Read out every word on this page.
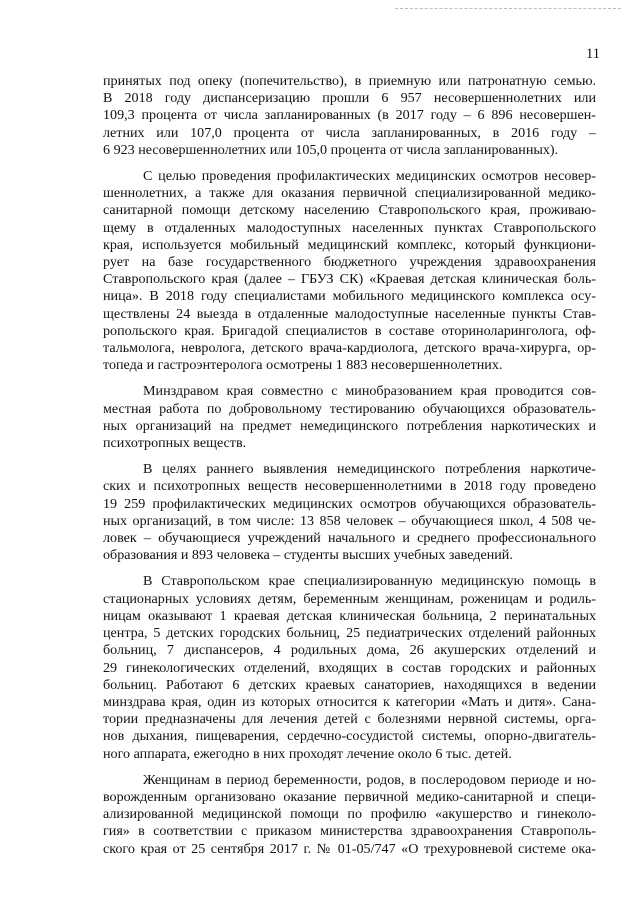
11
принятых под опеку (попечительство), в приемную или патронатную семью.
В 2018 году диспансеризацию прошли 6 957 несовершеннолетних или
109,3 процента от числа запланированных (в 2017 году – 6 896 несовершен-
летних или 107,0 процента от числа запланированных, в 2016 году –
6 923 несовершеннолетних или 105,0 процента от числа запланированных).
С целью проведения профилактических медицинских осмотров несовер-
шеннолетних, а также для оказания первичной специализированной медико-
санитарной помощи детскому населению Ставропольского края, проживаю-
щему в отдаленных малодоступных населенных пунктах Ставропольского
края, используется мобильный медицинский комплекс, который функциони-
рует на базе государственного бюджетного учреждения здравоохранения
Ставропольского края (далее – ГБУЗ СК) «Краевая детская клиническая боль-
ница». В 2018 году специалистами мобильного медицинского комплекса осу-
ществлены 24 выезда в отдаленные малодоступные населенные пункты Став-
ропольского края. Бригадой специалистов в составе оториноларинголога, оф-
тальмолога, невролога, детского врача-кардиолога, детского врача-хирурга, ор-
топеда и гастроэнтеролога осмотрены 1 883 несовершеннолетних.
Минздравом края совместно с минобразованием края проводится сов-
местная работа по добровольному тестированию обучающихся образователь-
ных организаций на предмет немедицинского потребления наркотических и
психотропных веществ.
В целях раннего выявления немедицинского потребления наркотиче-
ских и психотропных веществ несовершеннолетними в 2018 году проведено
19 259 профилактических медицинских осмотров обучающихся образователь-
ных организаций, в том числе: 13 858 человек – обучающиеся школ, 4 508 че-
ловек – обучающиеся учреждений начального и среднего профессионального
образования и 893 человека – студенты высших учебных заведений.
В Ставропольском крае специализированную медицинскую помощь в
стационарных условиях детям, беременным женщинам, роженицам и родиль-
ницам оказывают 1 краевая детская клиническая больница, 2 перинатальных
центра, 5 детских городских больниц, 25 педиатрических отделений районных
больниц, 7 диспансеров, 4 родильных дома, 26 акушерских отделений и
29 гинекологических отделений, входящих в состав городских и районных
больниц. Работают 6 детских краевых санаториев, находящихся в ведении
минздрава края, один из которых относится к категории «Мать и дитя». Сана-
тории предназначены для лечения детей с болезнями нервной системы, орга-
нов дыхания, пищеварения, сердечно-сосудистой системы, опорно-двигатель-
ного аппарата, ежегодно в них проходят лечение около 6 тыс. детей.
Женщинам в период беременности, родов, в послеродовом периоде и но-
ворожденным организовано оказание первичной медико-санитарной и специ-
ализированной медицинской помощи по профилю «акушерство и гинеколо-
гия» в соответствии с приказом министерства здравоохранения Ставрополь-
ского края от 25 сентября 2017 г. № 01-05/747 «О трехуровневой системе ока-
